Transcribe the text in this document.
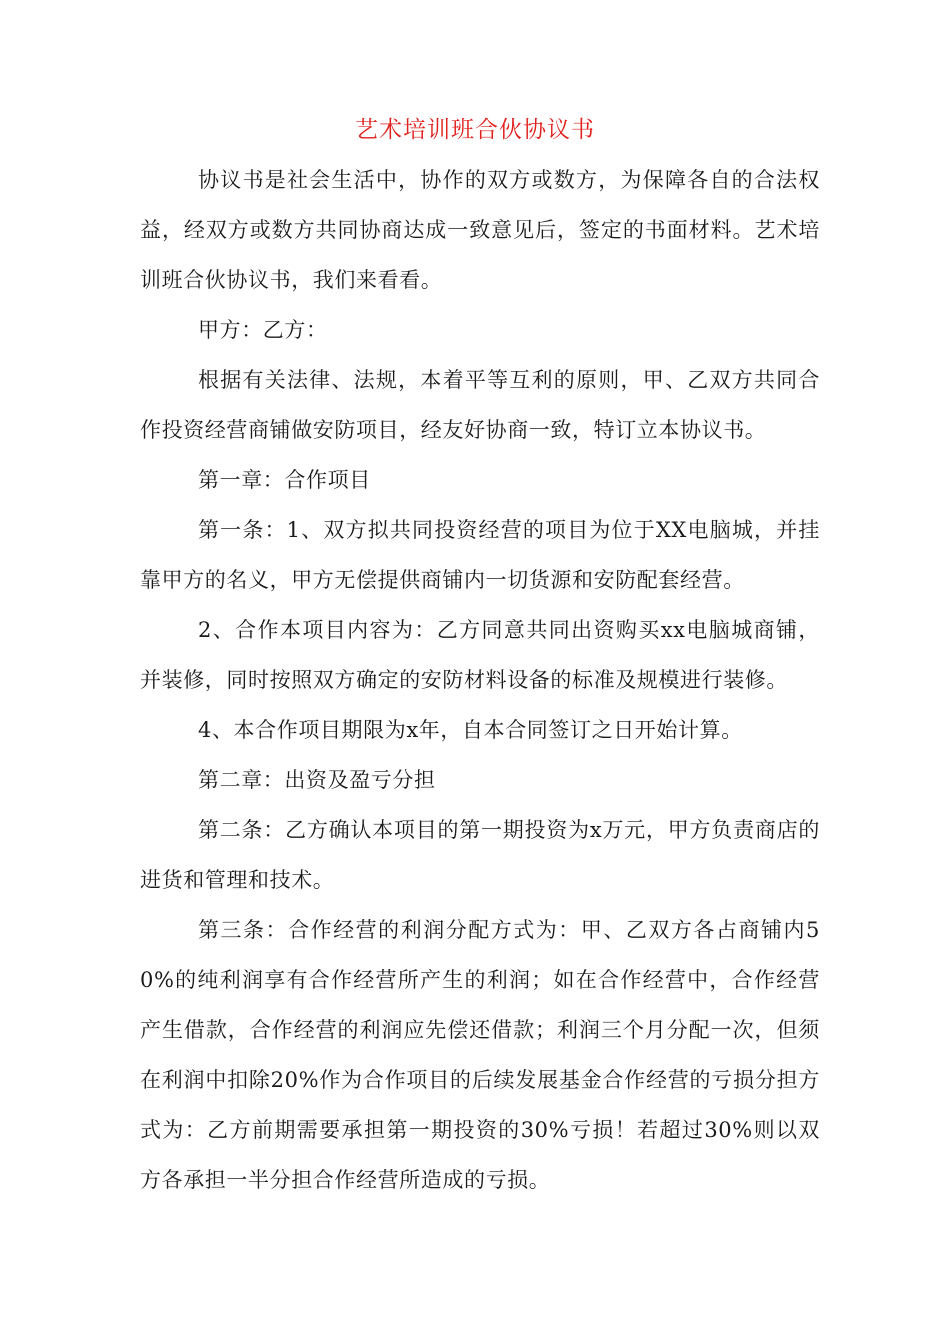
艺术培训班合伙协议书

协议书是社会生活中，协作的双方或数方，为保障各自的合法权益，经双方或数方共同协商达成一致意见后，签定的书面材料。艺术培训班合伙协议书，我们来看看。

甲方：乙方：

根据有关法律、法规，本着平等互利的原则，甲、乙双方共同合作投资经营商铺做安防项目，经友好协商一致，特订立本协议书。

第一章：合作项目

第一条：1、双方拟共同投资经营的项目为位于XX电脑城，并挂靠甲方的名义，甲方无偿提供商铺内一切货源和安防配套经营。

2、合作本项目内容为：乙方同意共同出资购买xx电脑城商铺，并装修，同时按照双方确定的安防材料设备的标准及规模进行装修。

4、本合作项目期限为x年，自本合同签订之日开始计算。

第二章：出资及盈亏分担

第二条：乙方确认本项目的第一期投资为x万元，甲方负责商店的进货和管理和技术。

第三条：合作经营的利润分配方式为：甲、乙双方各占商铺内50%的纯利润享有合作经营所产生的利润；如在合作经营中，合作经营产生借款，合作经营的利润应先偿还借款；利润三个月分配一次，但须在利润中扣除20%作为合作项目的后续发展基金合作经营的亏损分担方式为：乙方前期需要承担第一期投资的30%亏损！若超过30%则以双方各承担一半分担合作经营所造成的亏损。
